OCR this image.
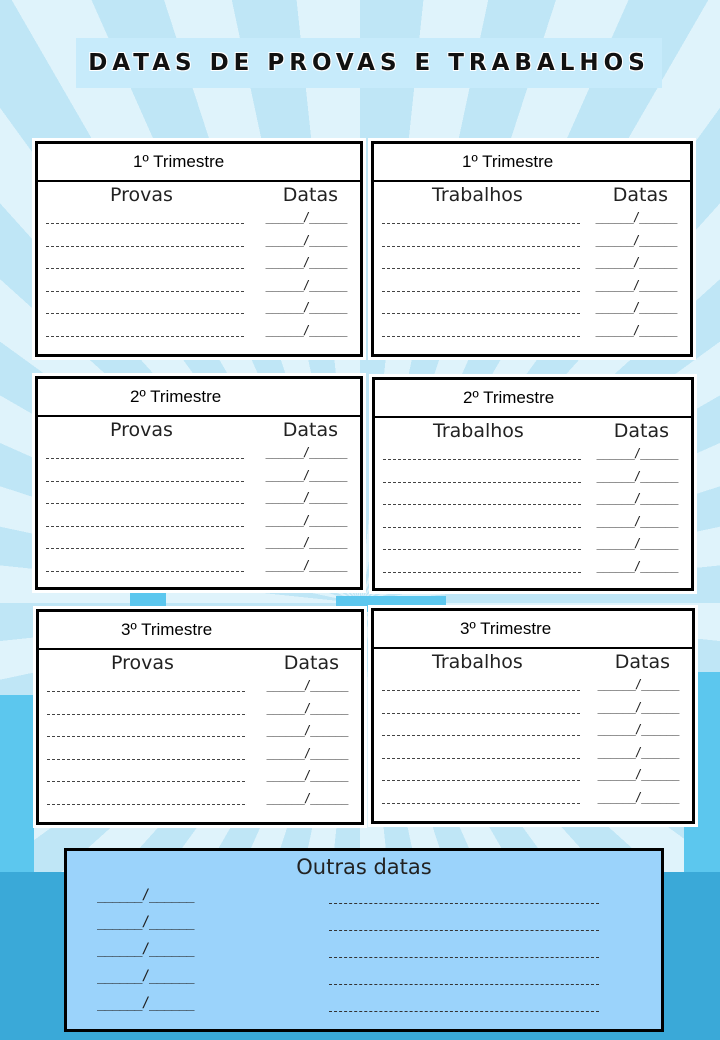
DATAS DE PROVAS E TRABALHOS
1º Trimestre
Provas	Datas
______/______
______/______
______/______
______/______
______/______
______/______
1º Trimestre
Trabalhos	Datas
______/______
______/______
______/______
______/______
______/______
______/______
2º Trimestre
Provas	Datas
______/______
______/______
______/______
______/______
______/______
______/______
2º Trimestre
Trabalhos	Datas
______/______
______/______
______/______
______/______
______/______
______/______
3º Trimestre
Provas	Datas
______/______
______/______
______/______
______/______
______/______
______/______
3º Trimestre
Trabalhos	Datas
______/______
______/______
______/______
______/______
______/______
______/______
Outras datas
______/______
______/______
______/______
______/______
______/______
